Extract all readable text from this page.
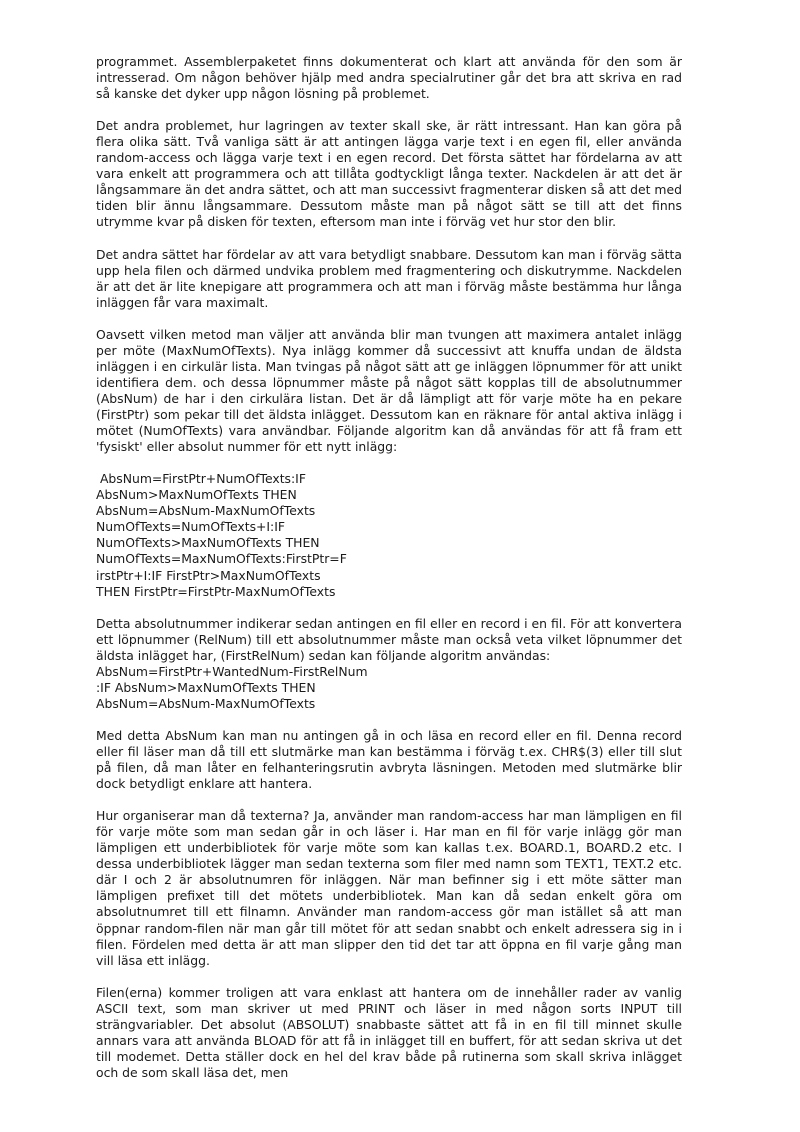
programmet. Assemblerpaketet finns dokumenterat och klart att använda för den som är intresserad. Om någon behöver hjälp med andra specialrutiner går det bra att skriva en rad så kanske det dyker upp någon lösning på problemet.

Det andra problemet, hur lagringen av texter skall ske, är rätt intressant. Han kan göra på flera olika sätt. Två vanliga sätt är att antingen lägga varje text i en egen fil, eller använda random-access och lägga varje text i en egen record. Det första sättet har fördelarna av att vara enkelt att programmera och att tillåta godtyckligt långa texter. Nackdelen är att det är långsammare än det andra sättet, och att man successivt fragmenterar disken så att det med tiden blir ännu långsammare. Dessutom måste man på något sätt se till att det finns utrymme kvar på disken för texten, eftersom man inte i förväg vet hur stor den blir.

Det andra sättet har fördelar av att vara betydligt snabbare. Dessutom kan man i förväg sätta upp hela filen och därmed undvika problem med fragmentering och diskutrymme. Nackdelen är att det är lite knepigare att programmera och att man i förväg måste bestämma hur långa inläggen får vara maximalt.

Oavsett vilken metod man väljer att använda blir man tvungen att maximera antalet inlägg per möte (MaxNumOfTexts). Nya inlägg kommer då successivt att knuffa undan de äldsta inläggen i en cirkulär lista. Man tvingas på något sätt att ge inläggen löpnummer för att unikt identifiera dem. och dessa löpnummer måste på något sätt kopplas till de absolutnummer (AbsNum) de har i den cirkulära listan. Det är då lämpligt att för varje möte ha en pekare (FirstPtr) som pekar till det äldsta inlägget. Dessutom kan en räknare för antal aktiva inlägg i mötet (NumOfTexts) vara användbar. Följande algoritm kan då användas för att få fram ett 'fysiskt' eller absolut nummer för ett nytt inlägg:

AbsNum=FirstPtr+NumOfTexts:IF
AbsNum>MaxNumOfTexts THEN
AbsNum=AbsNum-MaxNumOfTexts
NumOfTexts=NumOfTexts+I:IF
NumOfTexts>MaxNumOfTexts THEN
NumOfTexts=MaxNumOfTexts:FirstPtr=F
irstPtr+I:IF FirstPtr>MaxNumOfTexts
THEN FirstPtr=FirstPtr-MaxNumOfTexts

Detta absolutnummer indikerar sedan antingen en fil eller en record i en fil. För att konvertera ett löpnummer (RelNum) till ett absolutnummer måste man också veta vilket löpnummer det äldsta inlägget har, (FirstRelNum) sedan kan följande algoritm användas:

AbsNum=FirstPtr+WantedNum-FirstRelNum
:IF AbsNum>MaxNumOfTexts THEN
AbsNum=AbsNum-MaxNumOfTexts

Med detta AbsNum kan man nu antingen gå in och läsa en record eller en fil. Denna record eller fil läser man då till ett slutmärke man kan bestämma i förväg t.ex. CHR$(3) eller till slut på filen, då man låter en felhanteringsrutin avbryta läsningen. Metoden med slutmärke blir dock betydligt enklare att hantera.

Hur organiserar man då texterna? Ja, använder man random-access har man lämpligen en fil för varje möte som man sedan går in och läser i. Har man en fil för varje inlägg gör man lämpligen ett underbibliotek för varje möte som kan kallas t.ex. BOARD.1, BOARD.2 etc. I dessa underbibliotek lägger man sedan texterna som filer med namn som TEXT1, TEXT.2 etc. där I och 2 är absolutnumren för inläggen. När man befinner sig i ett möte sätter man lämpligen prefixet till det mötets underbibliotek. Man kan då sedan enkelt göra om absolutnumret till ett filnamn. Använder man random-access gör man istället så att man öppnar random-filen när man går till mötet för att sedan snabbt och enkelt adressera sig in i filen. Fördelen med detta är att man slipper den tid det tar att öppna en fil varje gång man vill läsa ett inlägg.

Filen(erna) kommer troligen att vara enklast att hantera om de innehåller rader av vanlig ASCII text, som man skriver ut med PRINT och läser in med någon sorts INPUT till strängvariabler. Det absolut (ABSOLUT) snabbaste sättet att få in en fil till minnet skulle annars vara att använda BLOAD för att få in inlägget till en buffert, för att sedan skriva ut det till modemet. Detta ställer dock en hel del krav både på rutinerna som skall skriva inlägget och de som skall läsa det, men
